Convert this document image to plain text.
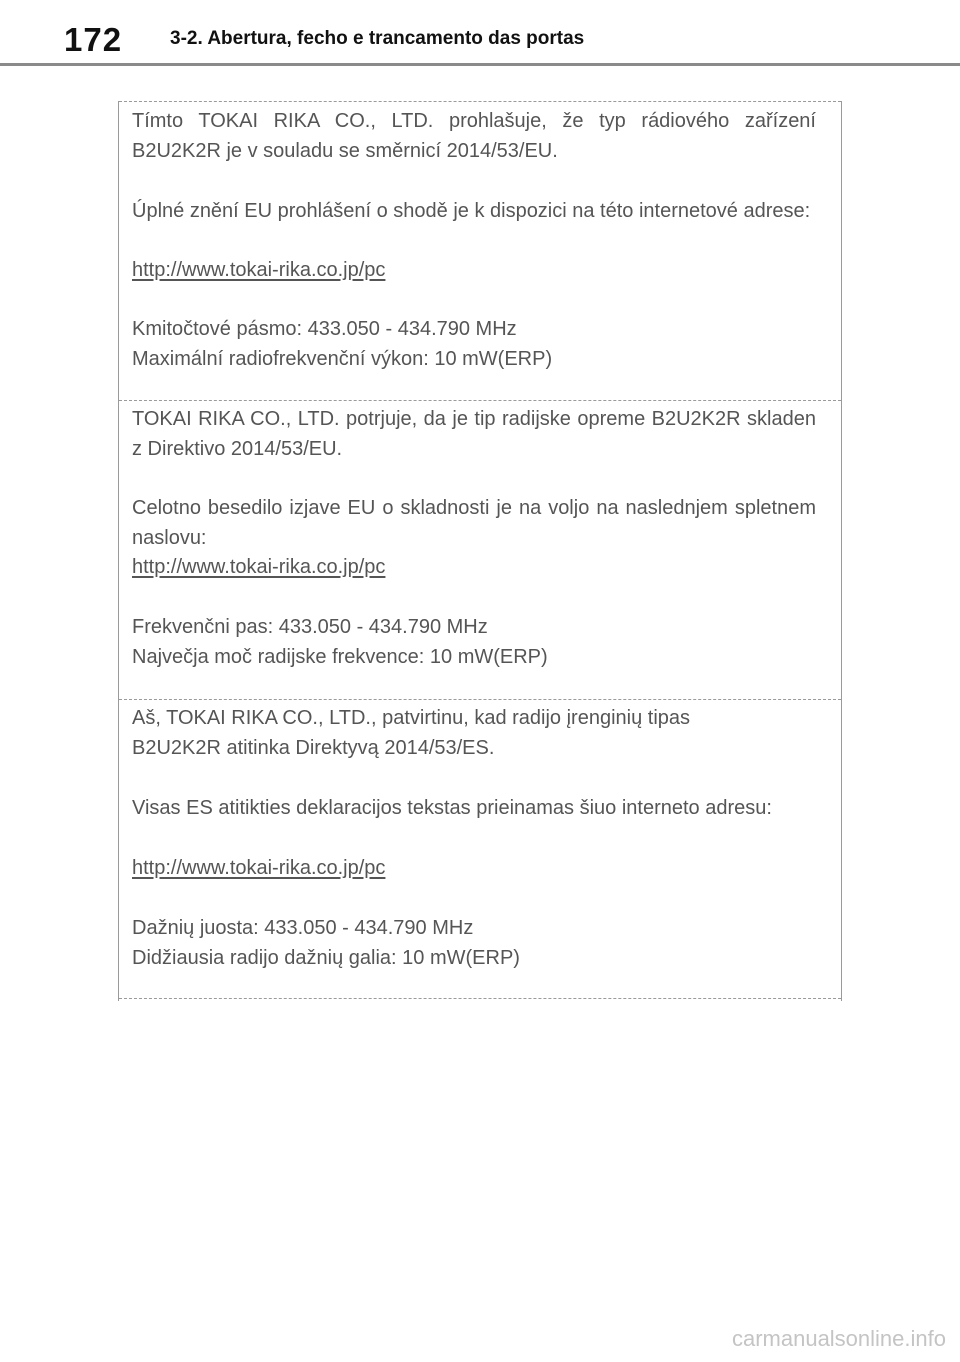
172	3-2. Abertura, fecho e trancamento das portas

Tímto TOKAI RIKA CO., LTD. prohlašuje, že typ rádiového zařízení B2U2K2R je v souladu se směrnicí 2014/53/EU.

Úplné znění EU prohlášení o shodě je k dispozici na této internetové adrese:

http://www.tokai-rika.co.jp/pc

Kmitočtové pásmo: 433.050 - 434.790 MHz

Maximální radiofrekvenční výkon: 10 mW(ERP)

TOKAI RIKA CO., LTD. potrjuje, da je tip radijske opreme B2U2K2R skladen z Direktivo 2014/53/EU.

Celotno besedilo izjave EU o skladnosti je na voljo na naslednjem spletnem naslovu:

http://www.tokai-rika.co.jp/pc

Frekvenčni pas: 433.050 - 434.790 MHz

Največja moč radijske frekvence: 10 mW(ERP)

Aš, TOKAI RIKA CO., LTD., patvirtinu, kad radijo įrenginių tipas B2U2K2R atitinka Direktyvą 2014/53/ES.

Visas ES atitikties deklaracijos tekstas prieinamas šiuo interneto adresu:

http://www.tokai-rika.co.jp/pc

Dažnių juosta: 433.050 - 434.790 MHz

Didžiausia radijo dažnių galia: 10 mW(ERP)

carmanualsonline.info
